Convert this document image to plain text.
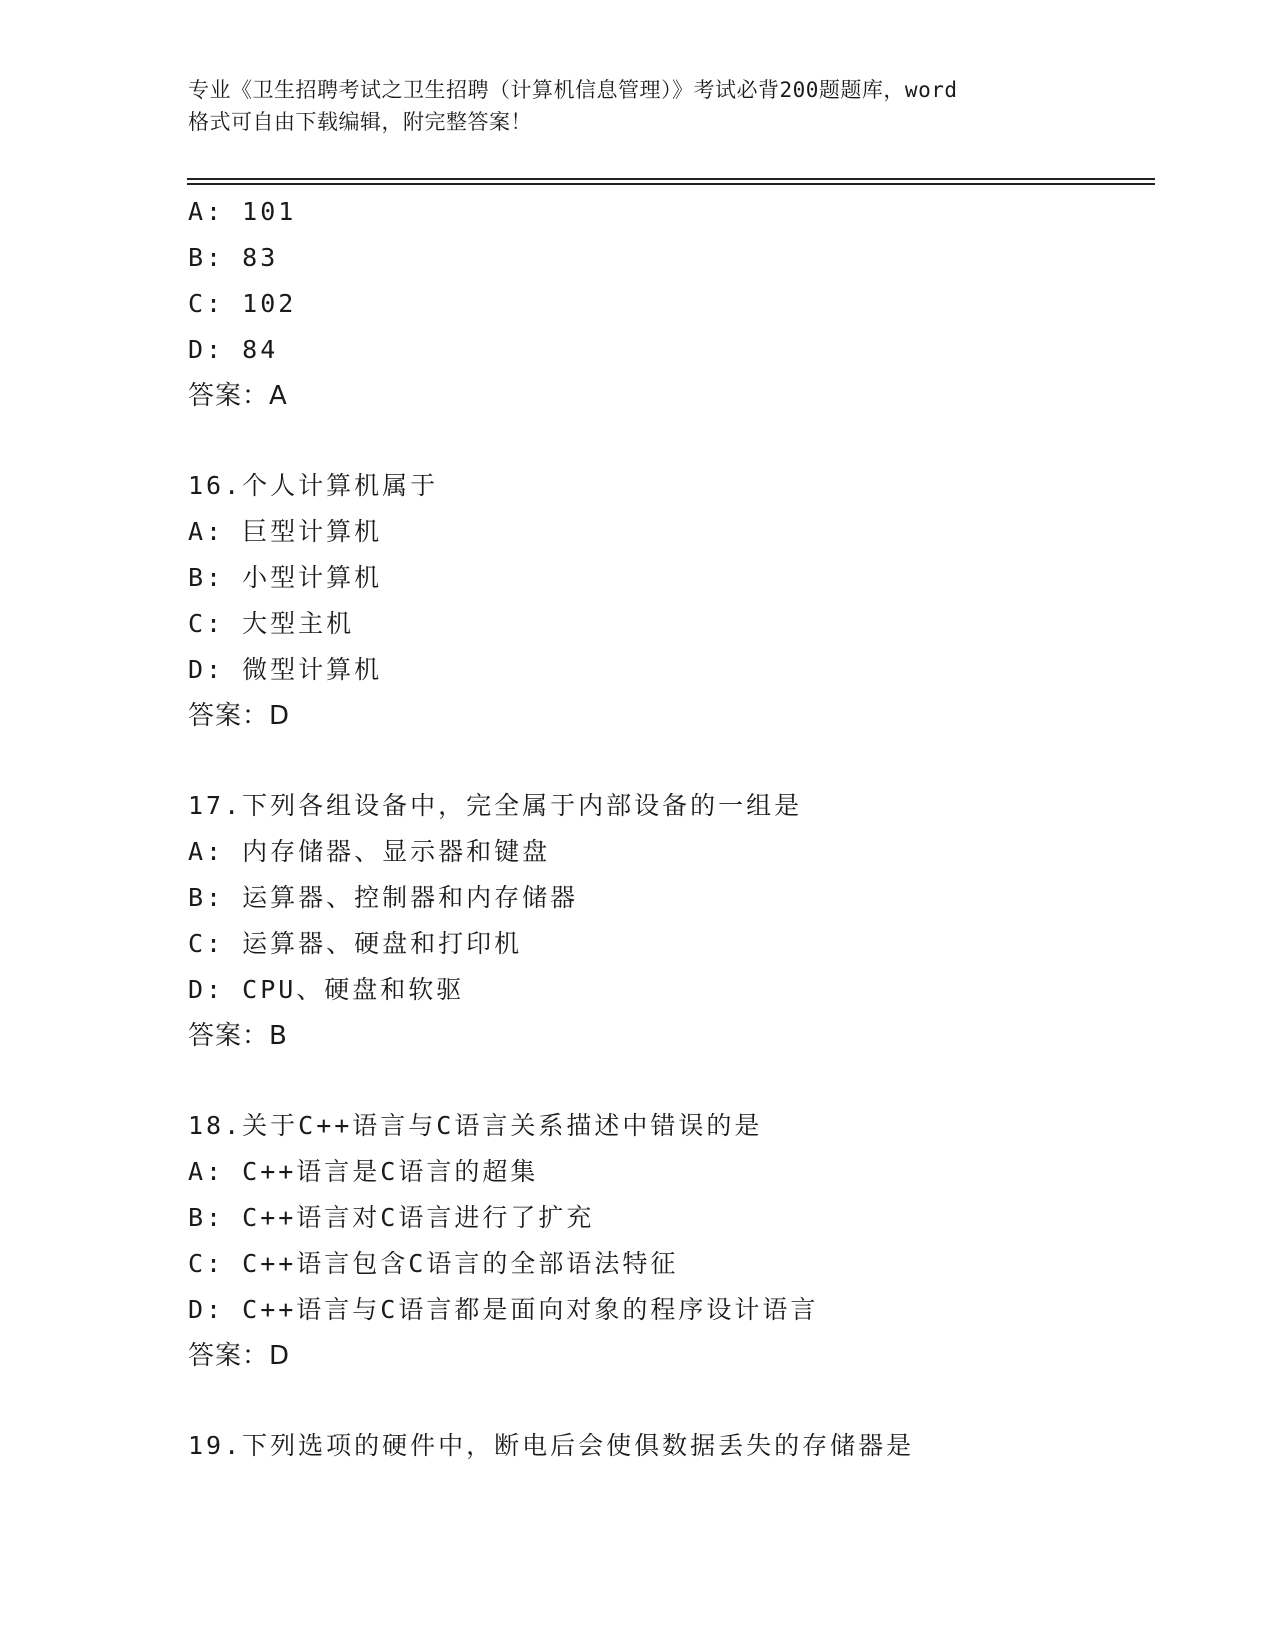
专业《卫生招聘考试之卫生招聘（计算机信息管理）》考试必背200题题库，word
格式可自由下载编辑，附完整答案！
A: 101
B: 83
C: 102
D: 84
答案：A
16.个人计算机属于
A: 巨型计算机
B: 小型计算机
C: 大型主机
D: 微型计算机
答案：D
17.下列各组设备中，完全属于内部设备的一组是
A: 内存储器、显示器和键盘
B: 运算器、控制器和内存储器
C: 运算器、硬盘和打印机
D: CPU、硬盘和软驱
答案：B
18.关于C++语言与C语言关系描述中错误的是
A: C++语言是C语言的超集
B: C++语言对C语言进行了扩充
C: C++语言包含C语言的全部语法特征
D: C++语言与C语言都是面向对象的程序设计语言
答案：D
19.下列选项的硬件中，断电后会使俱数据丢失的存储器是
